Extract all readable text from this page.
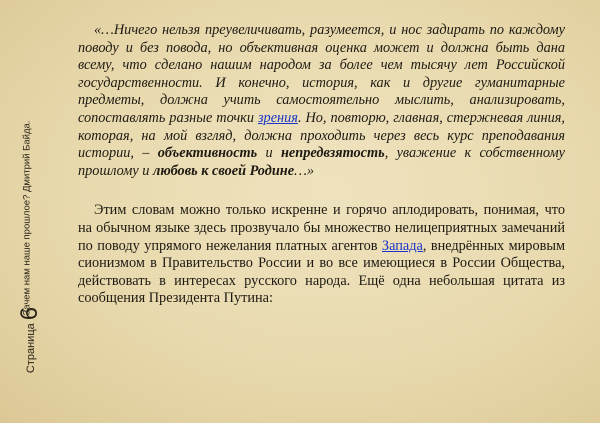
Зачем нам наше прошлое? Дмитрий Байда.
Страница6

«…Ничего нельзя преувеличивать, разумеется, и нос задирать по каждому поводу и без повода, но объективная оценка может и должна быть дана всему, что сделано нашим народом за более чем тысячу лет Российской государственности. И конечно, история, как и другие гуманитарные предметы, должна учить самостоятельно мыслить, анализировать, сопоставлять разные точки зрения. Но, повторю, главная, стержневая линия, которая, на мой взгляд, должна проходить через весь курс преподавания истории, – объективность и непредвзятость, уважение к собственному прошлому и любовь к своей Родине…»

Этим словам можно только искренне и горячо аплодировать, понимая, что на обычном языке здесь прозвучало бы множество нелицеприятных замечаний по поводу упрямого нежелания платных агентов Запада, внедрённых мировым сионизмом в Правительство России и во все имеющиеся в России Общества, действовать в интересах русского народа. Ещё одна небольшая цитата из сообщения Президента Путина:
